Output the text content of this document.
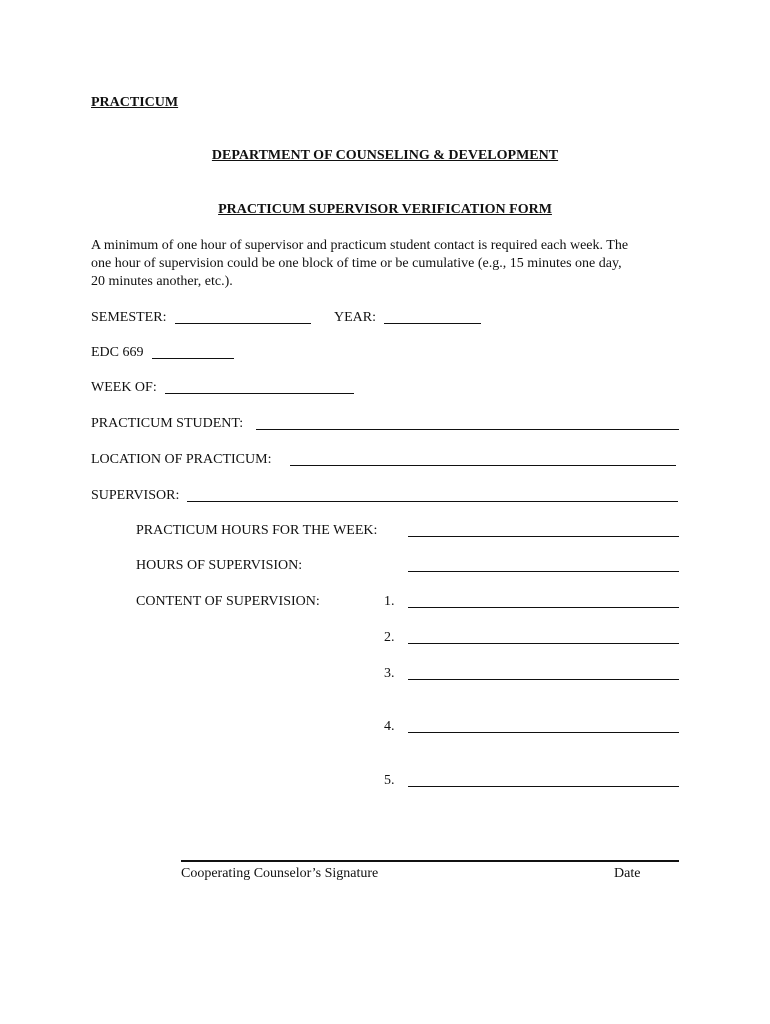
PRACTICUM
DEPARTMENT OF COUNSELING & DEVELOPMENT
PRACTICUM SUPERVISOR VERIFICATION FORM
A minimum of one hour of supervisor and practicum student contact is required each week. The
one hour of supervision could be one block of time or be cumulative (e.g., 15 minutes one day,
20 minutes another, etc.).
SEMESTER:	YEAR:
EDC 669
WEEK OF:
PRACTICUM STUDENT:
LOCATION OF PRACTICUM:
SUPERVISOR:
PRACTICUM HOURS FOR THE WEEK:
HOURS OF SUPERVISION:
CONTENT OF SUPERVISION:	1.
2.
3.
4.
5.
Cooperating Counselor’s Signature	Date
